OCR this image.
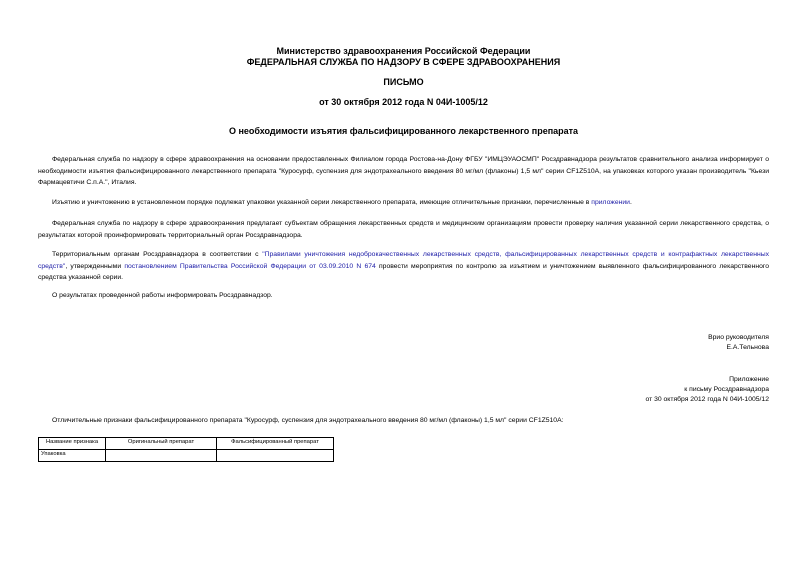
Министерство здравоохранения Российской Федерации
ФЕДЕРАЛЬНАЯ СЛУЖБА ПО НАДЗОРУ В СФЕРЕ ЗДРАВООХРАНЕНИЯ
ПИСЬМО
от 30 октября 2012 года N 04И-1005/12
О необходимости изъятия фальсифицированного лекарственного препарата
Федеральная служба по надзору в сфере здравоохранения на основании предоставленных Филиалом города Ростова-на-Дону ФГБУ "ИМЦЭУАОСМП" Росздравнадзора результатов сравнительного анализа информирует о необходимости изъятия фальсифицированного лекарственного препарата "Куросурф, суспензия для эндотрахеального введения 80 мг/мл (флаконы) 1,5 мл" серии CF1Z510A, на упаковках которого указан производитель "Кьези Фармацевтичи С.п.А.", Италия.
Изъятию и уничтожению в установленном порядке подлежат упаковки указанной серии лекарственного препарата, имеющие отличительные признаки, перечисленные в приложении.
Федеральная служба по надзору в сфере здравоохранения предлагает субъектам обращения лекарственных средств и медицинским организациям провести проверку наличия указанной серии лекарственного средства, о результатах которой проинформировать территориальный орган Росздравнадзора.
Территориальным органам Росздравнадзора в соответствии с "Правилами уничтожения недоброкачественных лекарственных средств, фальсифицированных лекарственных средств и контрафактных лекарственных средств", утвержденными постановлением Правительства Российской Федерации от 03.09.2010 N 674 провести мероприятия по контролю за изъятием и уничтожением выявленного фальсифицированного лекарственного средства указанной серии.
О результатах проведенной работы информировать Росздравнадзор.
Врио руководителя
Е.А.Тельнова
Приложение
к письму Росздравнадзора
от 30 октября 2012 года N 04И-1005/12
Отличительные признаки фальсифицированного препарата "Куросурф, суспензия для эндотрахеального введения 80 мг/мл (флаконы) 1,5 мл" серии CF1Z510A:
Название признака	Оригинальный препарат	Фальсифицированный препарат
Упаковка		
